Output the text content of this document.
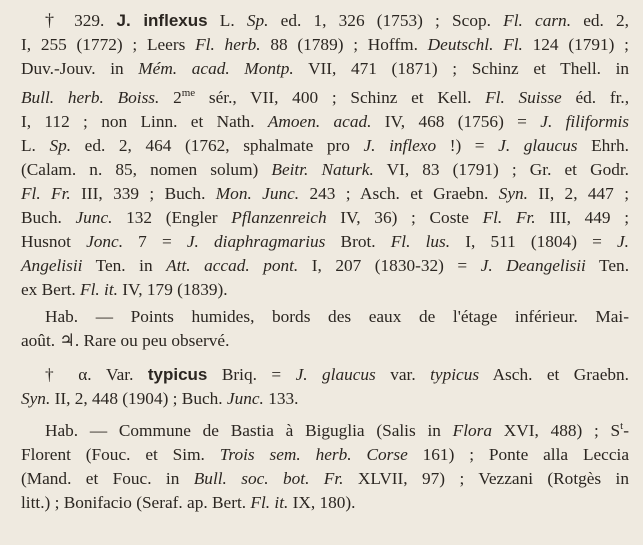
† 329. J. inflexus L. Sp. ed. 1, 326 (1753) ; Scop. Fl. carn. ed. 2,
I, 255 (1772) ; Leers Fl. herb. 88 (1789) ; Hoffm. Deutschl. Fl. 124 (1791) ;
Duv.-Jouv. in Mém. acad. Montp. VII, 471 (1871) ; Schinz et Thell. in
Bull. herb. Boiss. $2^{me}$ sér., VII, 400 ; Schinz et Kell. Fl. Suisse éd. fr.,
I, 112 ; non Linn. et Nath. Amoen. acad. IV, 468 (1756) = J. filiformis
L. Sp. ed. 2, 464 (1762, sphalmate pro J. inflexo !) = J. glaucus Ehrh.
(Calam. n. 85, nomen solum) Beitr. Naturk. VI, 83 (1791) ; Gr. et Godr.
Fl. Fr. III, 339 ; Buch. Mon. Junc. 243 ; Asch. et Graebn. Syn. II, 2, 447 ;
Buch. Junc. 132 (Engler Pflanzenreich IV, 36) ; Coste Fl. Fr. III, 449 ;
Husnot Jonc. 7 = J. diaphragmarius Brot. Fl. lus. I, 511 (1804) = J.
Angelisii Ten. in Att. accad. pont. I, 207 (1830-32) = J. Deangelisii Ten.
ex Bert. Fl. it. IV, 179 (1839).
Hab. — Points humides, bords des eaux de l'étage inférieur. Mai-
août. ♃. Rare ou peu observé.
† α. Var. typicus Briq. = J. glaucus var. typicus Asch. et Graebn.
Syn. II, 2, 448 (1904) ; Buch. Junc. 133.
Hab. — Commune de Bastia à Biguglia (Salis in Flora XVI, 488) ; $S^t-$
Florent (Fouc. et Sim. Trois sem. herb. Corse 161) ; Ponte alla Leccia
(Mand. et Fouc. in Bull. soc. bot. Fr. XLVII, 97) ; Vezzani (Rotgès in
litt.) ; Bonifacio (Seraf. ap. Bert. Fl. it. IX, 180).
